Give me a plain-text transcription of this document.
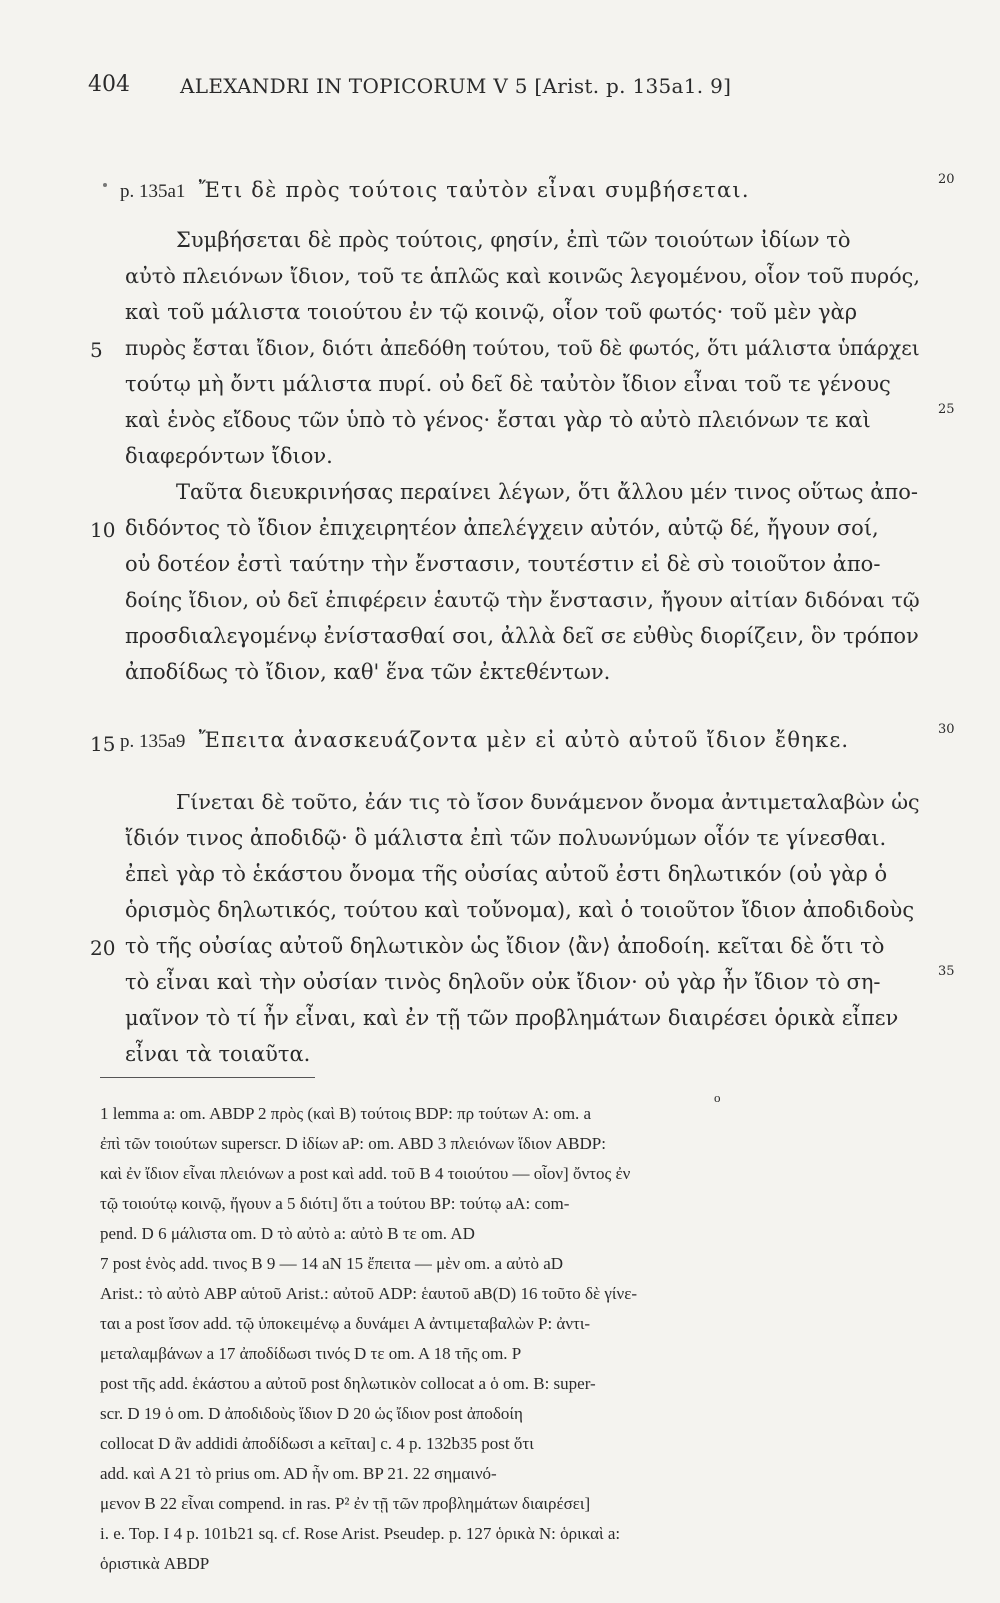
404	ALEXANDRI IN TOPICORUM V 5 [Arist. p. 135a1. 9]
p. 135a1 Ἔτι δὲ πρὸς τούτοις ταὐτὸν εἶναι συμβήσεται.	20
Συμβήσεται δὲ πρὸς τούτοις, φησίν, ἐπὶ τῶν τοιούτων ἰδίων τὸ
αὐτὸ πλειόνων ἴδιον, τοῦ τε ἁπλῶς καὶ κοινῶς λεγομένου, οἷον τοῦ πυρός,
καὶ τοῦ μάλιστα τοιούτου ἐν τῷ κοινῷ, οἷον τοῦ φωτός· τοῦ μὲν γὰρ
5 πυρὸς ἔσται ἴδιον, διότι ἀπεδόθη τούτου, τοῦ δὲ φωτός, ὅτι μάλιστα ὑπάρχει
τούτῳ μὴ ὄντι μάλιστα πυρί. οὐ δεῖ δὲ ταὐτὸν ἴδιον εἶναι τοῦ τε γένους
καὶ ἑνὸς εἴδους τῶν ὑπὸ τὸ γένος· ἔσται γὰρ τὸ αὐτὸ πλειόνων τε καὶ	25
διαφερόντων ἴδιον.
Ταῦτα διευκρινήσας περαίνει λέγων, ὅτι ἄλλου μέν τινος οὕτως ἀπο-
10 διδόντος τὸ ἴδιον ἐπιχειρητέον ἀπελέγχειν αὐτόν, αὐτῷ δέ, ἤγουν σοί,
οὐ δοτέον ἐστὶ ταύτην τὴν ἔνστασιν, τουτέστιν εἰ δὲ σὺ τοιοῦτον ἀπο-
δοίης ἴδιον, οὐ δεῖ ἐπιφέρειν ἑαυτῷ τὴν ἔνστασιν, ἤγουν αἰτίαν διδόναι τῷ
προσδιαλεγομένῳ ἐνίστασθαί σοι, ἀλλὰ δεῖ σε εὐθὺς διορίζειν, ὃν τρόπον
ἀποδίδως τὸ ἴδιον, καθ' ἕνα τῶν ἐκτεθέντων.
15 p. 135a9 Ἔπειτα ἀνασκευάζοντα μὲν εἰ αὐτὸ αὑτοῦ ἴδιον ἔθηκε.	30
Γίνεται δὲ τοῦτο, ἐάν τις τὸ ἴσον δυνάμενον ὄνομα ἀντιμεταλαβὼν ὡς
ἴδιόν τινος ἀποδιδῷ· ὃ μάλιστα ἐπὶ τῶν πολυωνύμων οἷόν τε γίνεσθαι.
ἐπεὶ γὰρ τὸ ἑκάστου ὄνομα τῆς οὐσίας αὐτοῦ ἐστι δηλωτικόν (οὐ γὰρ ὁ
ὁρισμὸς δηλωτικός, τούτου καὶ τοὔνομα), καὶ ὁ τοιοῦτον ἴδιον ἀποδιδοὺς
20 τὸ τῆς οὐσίας αὐτοῦ δηλωτικὸν ὡς ἴδιον ⟨ἂν⟩ ἀποδοίη. κεῖται δὲ ὅτι τὸ
τὸ εἶναι καὶ τὴν οὐσίαν τινὸς δηλοῦν οὐκ ἴδιον· οὐ γὰρ ἦν ἴδιον τὸ ση-	35
μαῖνον τὸ τί ἦν εἶναι, καὶ ἐν τῇ τῶν προβλημάτων διαιρέσει ὁρικὰ εἶπεν
εἶναι τὰ τοιαῦτα.
ο
1 lemma a: om. ABDP 2 πρὸς (καὶ B) τούτοις BDP: πρ τούτων A: om. a
ἐπὶ τῶν τοιούτων superscr. D ἰδίων aP: om. ABD 3 πλειόνων ἴδιον ABDP:
καὶ ἐν ἴδιον εἶναι πλειόνων a post καὶ add. τοῦ B 4 τοιούτου — οἷον] ὄντος ἐν
τῷ τοιούτῳ κοινῷ, ἤγουν a 5 διότι] ὅτι a τούτου BP: τούτῳ aA: com-
pend. D 6 μάλιστα om. D τὸ αὐτὸ a: αὐτὸ B τε om. AD
7 post ἑνὸς add. τινος B 9 — 14 aN 15 ἔπειτα — μὲν om. a αὐτὸ aD
Arist.: τὸ αὐτὸ ABP αὑτοῦ Arist.: αὐτοῦ ADP: ἑαυτοῦ aB(D) 16 τοῦτο δὲ γίνε-
ται a post ἴσον add. τῷ ὑποκειμένῳ a δυνάμει A ἀντιμεταβαλὼν P: ἀντι-
μεταλαμβάνων a 17 ἀποδίδωσι τινός D τε om. A 18 τῆς om. P
post τῆς add. ἑκάστου a αὐτοῦ post δηλωτικὸν collocat a ὁ om. B: super-
scr. D 19 ὁ om. D ἀποδιδοὺς ἴδιον D 20 ὡς ἴδιον post ἀποδοίη
collocat D ἂν addidi ἀποδίδωσι a κεῖται] c. 4 p. 132b35 post ὅτι
add. καὶ A 21 τὸ prius om. AD ἦν om. BP 21. 22 σημαινό-
μενον B 22 εἶναι compend. in ras. P² ἐν τῇ τῶν προβλημάτων διαιρέσει]
i. e. Top. I 4 p. 101b21 sq. cf. Rose Arist. Pseudep. p. 127 ὁρικὰ N: ὁρικαὶ a:
ὁριστικὰ ABDP
